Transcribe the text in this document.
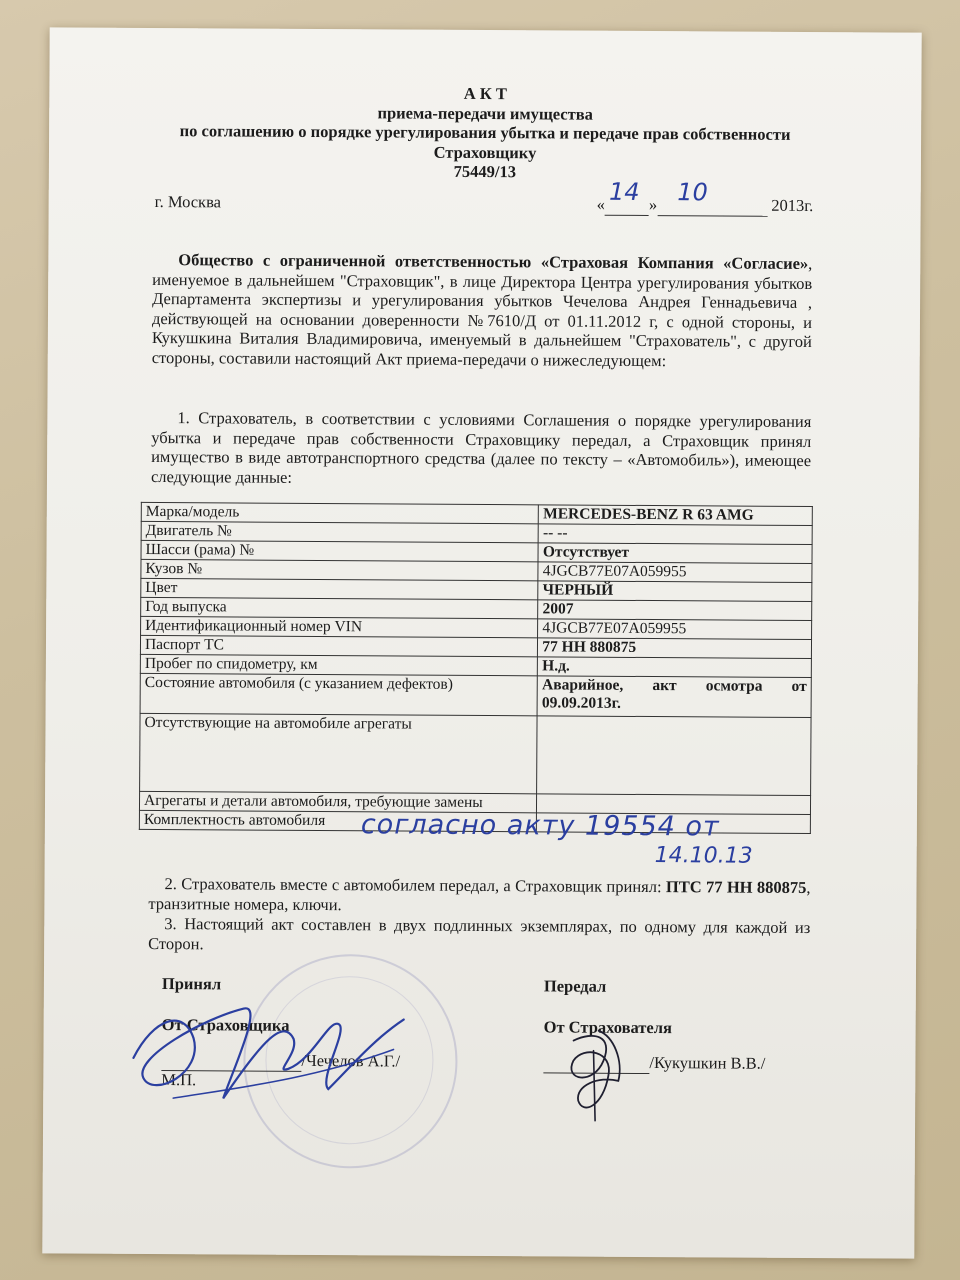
А К Т
приема-передачи имущества
по соглашению о порядке урегулирования убытка и передаче прав собственности
Страховщику
75449/13
г. Москва	« 14 » 10	2013г.
Общество с ограниченной ответственностью «Страховая Компания «Согласие», именуемое в дальнейшем "Страховщик", в лице Директора Центра урегулирования убытков Департамента экспертизы и урегулирования убытков Чечелова Андрея Геннадьевича , действующей на основании доверенности №7610/Д от 01.11.2012 г, с одной стороны, и Кукушкина Виталия Владимировича, именуемый в дальнейшем "Страхователь", с другой стороны, составили настоящий Акт приема-передачи о нижеследующем:
1. Страхователь, в соответствии с условиями Соглашения о порядке урегулирования убытка и передаче прав собственности Страховщику передал, а Страховщик принял имущество в виде автотранспортного средства (далее по тексту – «Автомобиль»), имеющее следующие данные:
Марка/модель	MERCEDES-BENZ R 63 AMG
Двигатель №	-- --
Шасси (рама) №	Отсутствует
Кузов №	4JGCB77E07A059955
Цвет	ЧЕРНЫЙ
Год выпуска	2007
Идентификационный номер VIN	4JGCB77E07A059955
Паспорт ТС	77 НН 880875
Пробег по спидометру, км	Н.д.
Состояние автомобиля (с указанием дефектов)	Аварийное, акт осмотра от
09.09.2013г.

Отсутствующие на автомобиле агрегаты	
Агрегаты и детали автомобиля, требующие замены	
Комплектность автомобиля	согласно акту 19554 от
14.10.13
2. Страхователь вместе с автомобилем передал, а Страховщик принял: ПТС 77 НН 880875, транзитные номера, ключи.
3. Настоящий акт составлен в двух подлинных экземплярах, по одному для каждой из Сторон.
Принял
От Страховщика
/Чечелов А.Г./
М.П.
Передал
От Страхователя
/Кукушкин В.В./
